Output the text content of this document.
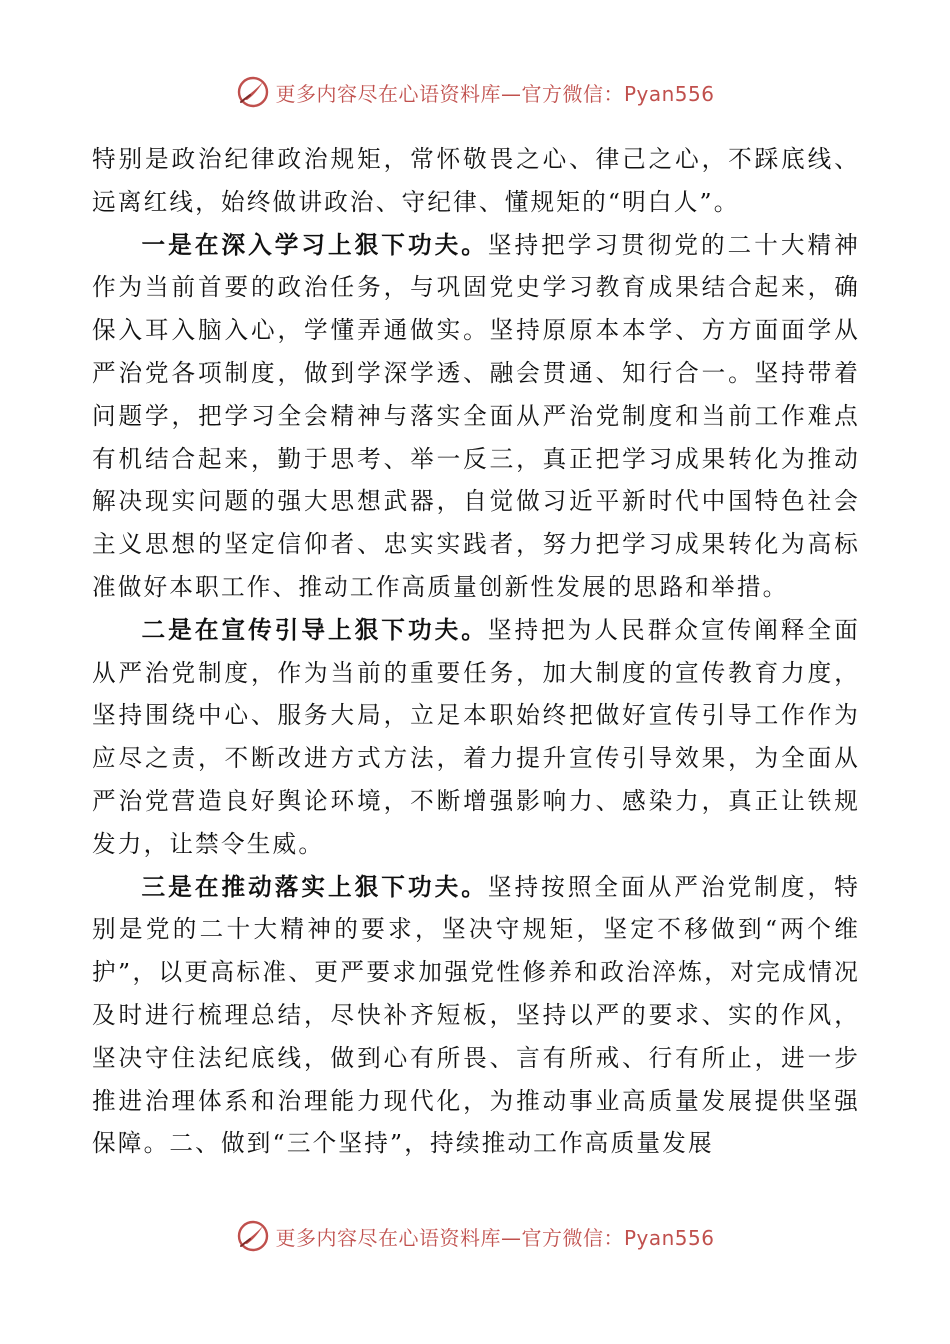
更多内容尽在心语资料库—官方微信：Pyan556

特别是政治纪律政治规矩，常怀敬畏之心、律己之心，不踩底线、远离红线，始终做讲政治、守纪律、懂规矩的“明白人”。

一是在深入学习上狠下功夫。坚持把学习贯彻党的二十大精神作为当前首要的政治任务，与巩固党史学习教育成果结合起来，确保入耳入脑入心，学懂弄通做实。坚持原原本本学、方方面面学从严治党各项制度，做到学深学透、融会贯通、知行合一。坚持带着问题学，把学习全会精神与落实全面从严治党制度和当前工作难点有机结合起来，勤于思考、举一反三，真正把学习成果转化为推动解决现实问题的强大思想武器，自觉做习近平新时代中国特色社会主义思想的坚定信仰者、忠实实践者，努力把学习成果转化为高标准做好本职工作、推动工作高质量创新性发展的思路和举措。

二是在宣传引导上狠下功夫。坚持把为人民群众宣传阐释全面从严治党制度，作为当前的重要任务，加大制度的宣传教育力度，坚持围绕中心、服务大局，立足本职始终把做好宣传引导工作作为应尽之责，不断改进方式方法，着力提升宣传引导效果，为全面从严治党营造良好舆论环境，不断增强影响力、感染力，真正让铁规发力，让禁令生威。

三是在推动落实上狠下功夫。坚持按照全面从严治党制度，特别是党的二十大精神的要求，坚决守规矩，坚定不移做到“两个维护”，以更高标准、更严要求加强党性修养和政治淬炼，对完成情况及时进行梳理总结，尽快补齐短板，坚持以严的要求、实的作风，坚决守住法纪底线，做到心有所畏、言有所戒、行有所止，进一步推进治理体系和治理能力现代化，为推动事业高质量发展提供坚强保障。二、做到“三个坚持”，持续推动工作高质量发展

更多内容尽在心语资料库—官方微信：Pyan556
